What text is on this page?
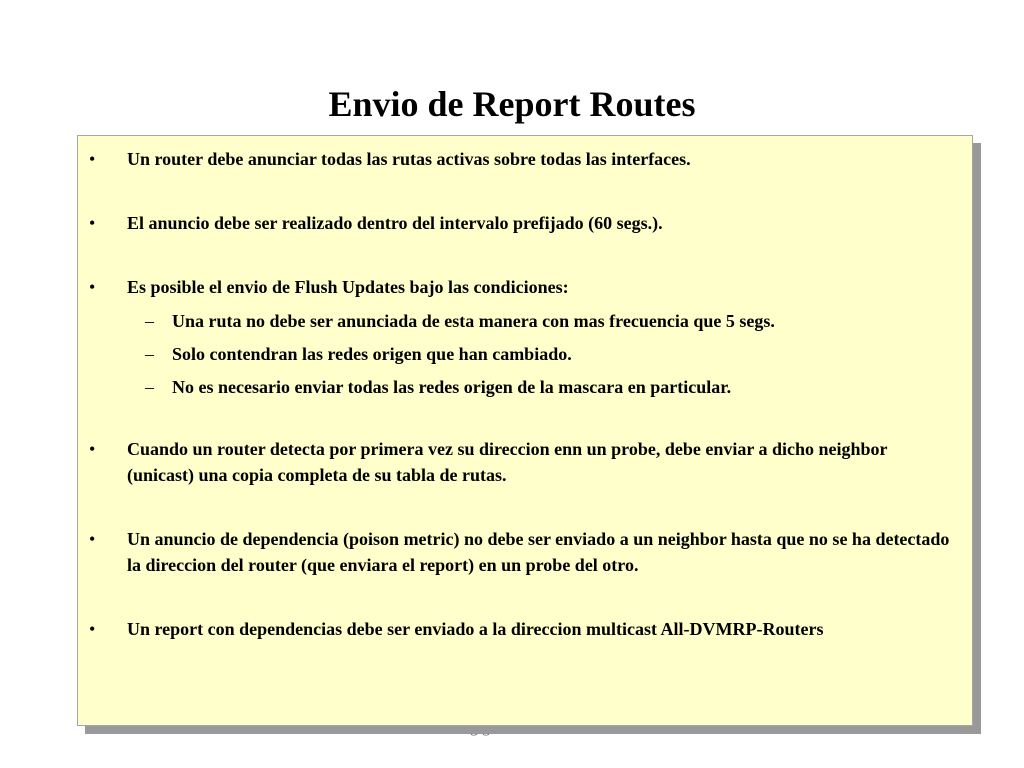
Envio de Report Routes
•	Un router debe anunciar todas las rutas activas sobre todas las interfaces.
•	El anuncio debe ser realizado dentro del intervalo prefijado (60 segs.).
•	Es posible el envio de Flush Updates bajo las condiciones:
–	Una ruta no debe ser anunciada de esta manera con mas frecuencia que 5 segs.
–	Solo contendran las redes origen que han cambiado.
–	No es necesario enviar todas las redes origen de la mascara en particular.
•	Cuando un router detecta por primera vez su direccion enn un probe, debe enviar a dicho neighbor (unicast) una copia completa de su tabla de rutas.
•	Un anuncio de dependencia (poison metric) no debe ser enviado a un neighbor hasta que no se ha detectado la direccion del router (que enviara el report) en un probe del otro.
•	Un report con dependencias debe ser enviado a la direccion multicast All-DVMRP-Routers
